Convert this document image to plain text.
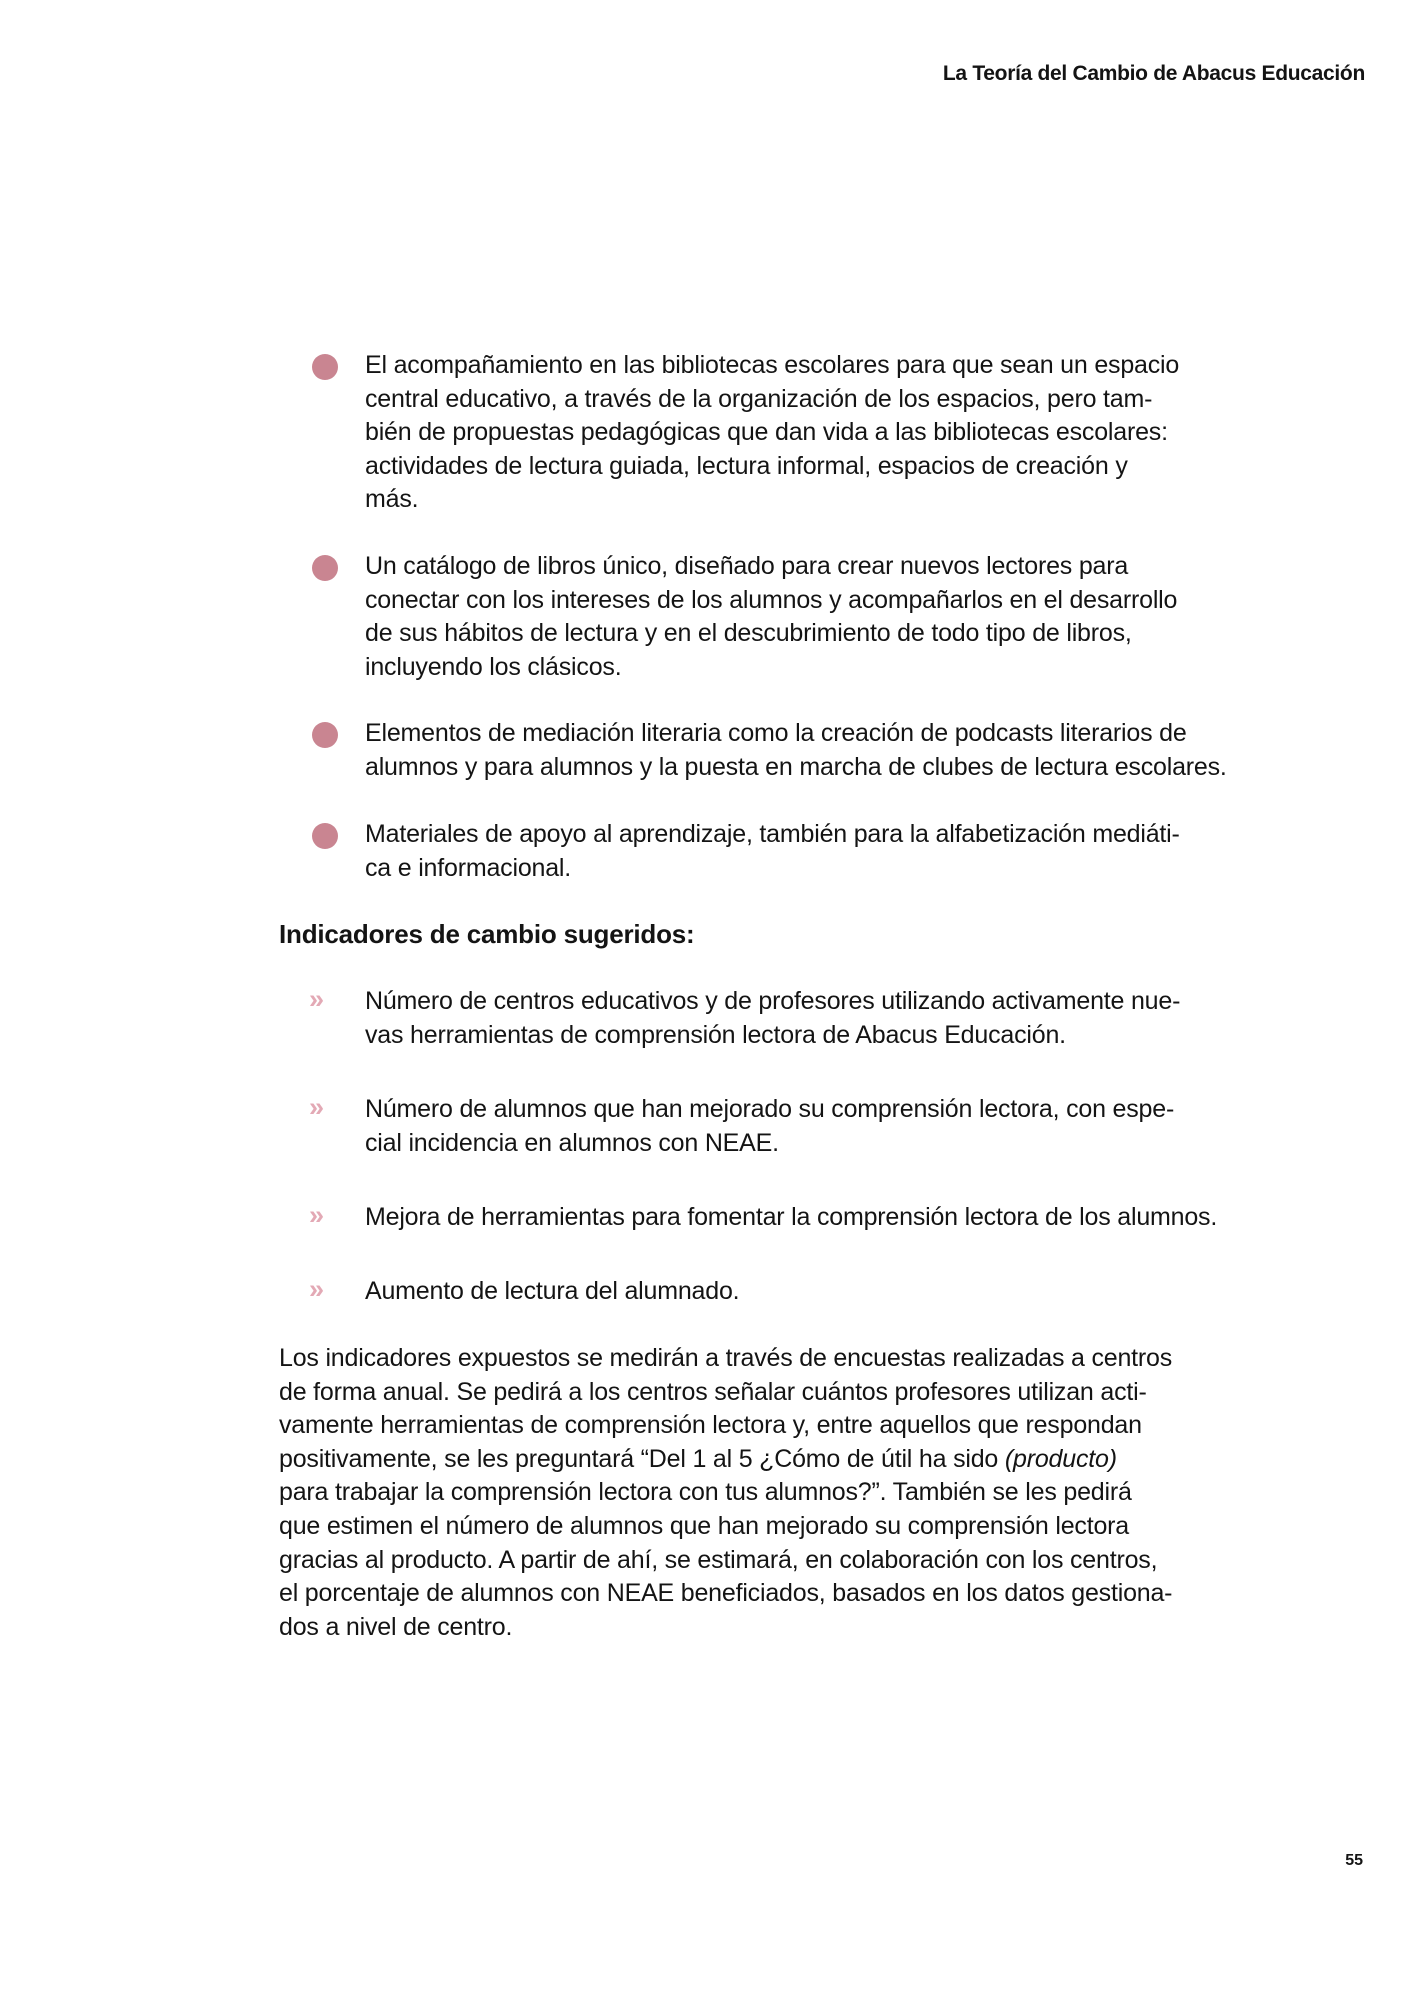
La Teoría del Cambio de Abacus Educación
El acompañamiento en las bibliotecas escolares para que sean un espacio
central educativo, a través de la organización de los espacios, pero tam-
bién de propuestas pedagógicas que dan vida a las bibliotecas escolares:
actividades de lectura guiada, lectura informal, espacios de creación y
más.
Un catálogo de libros único, diseñado para crear nuevos lectores para
conectar con los intereses de los alumnos y acompañarlos en el desarrollo
de sus hábitos de lectura y en el descubrimiento de todo tipo de libros,
incluyendo los clásicos.
Elementos de mediación literaria como la creación de podcasts literarios de
alumnos y para alumnos y la puesta en marcha de clubes de lectura escolares.
Materiales de apoyo al aprendizaje, también para la alfabetización mediáti-
ca e informacional.
» Número de centros educativos y de profesores utilizando activamente nue-
vas herramientas de comprensión lectora de Abacus Educación.
» Número de alumnos que han mejorado su comprensión lectora, con espe-
cial incidencia en alumnos con NEAE.
» Mejora de herramientas para fomentar la comprensión lectora de los alumnos.
» Aumento de lectura del alumnado.
Indicadores de cambio sugeridos:
Los indicadores expuestos se medirán a través de encuestas realizadas a centros
de forma anual. Se pedirá a los centros señalar cuántos profesores utilizan acti-
vamente herramientas de comprensión lectora y, entre aquellos que respondan
positivamente, se les preguntará “Del 1 al 5 ¿Cómo de útil ha sido (producto)
para trabajar la comprensión lectora con tus alumnos?”. También se les pedirá
que estimen el número de alumnos que han mejorado su comprensión lectora
gracias al producto. A partir de ahí, se estimará, en colaboración con los centros,
el porcentaje de alumnos con NEAE beneficiados, basados en los datos gestiona-
dos a nivel de centro.
55
